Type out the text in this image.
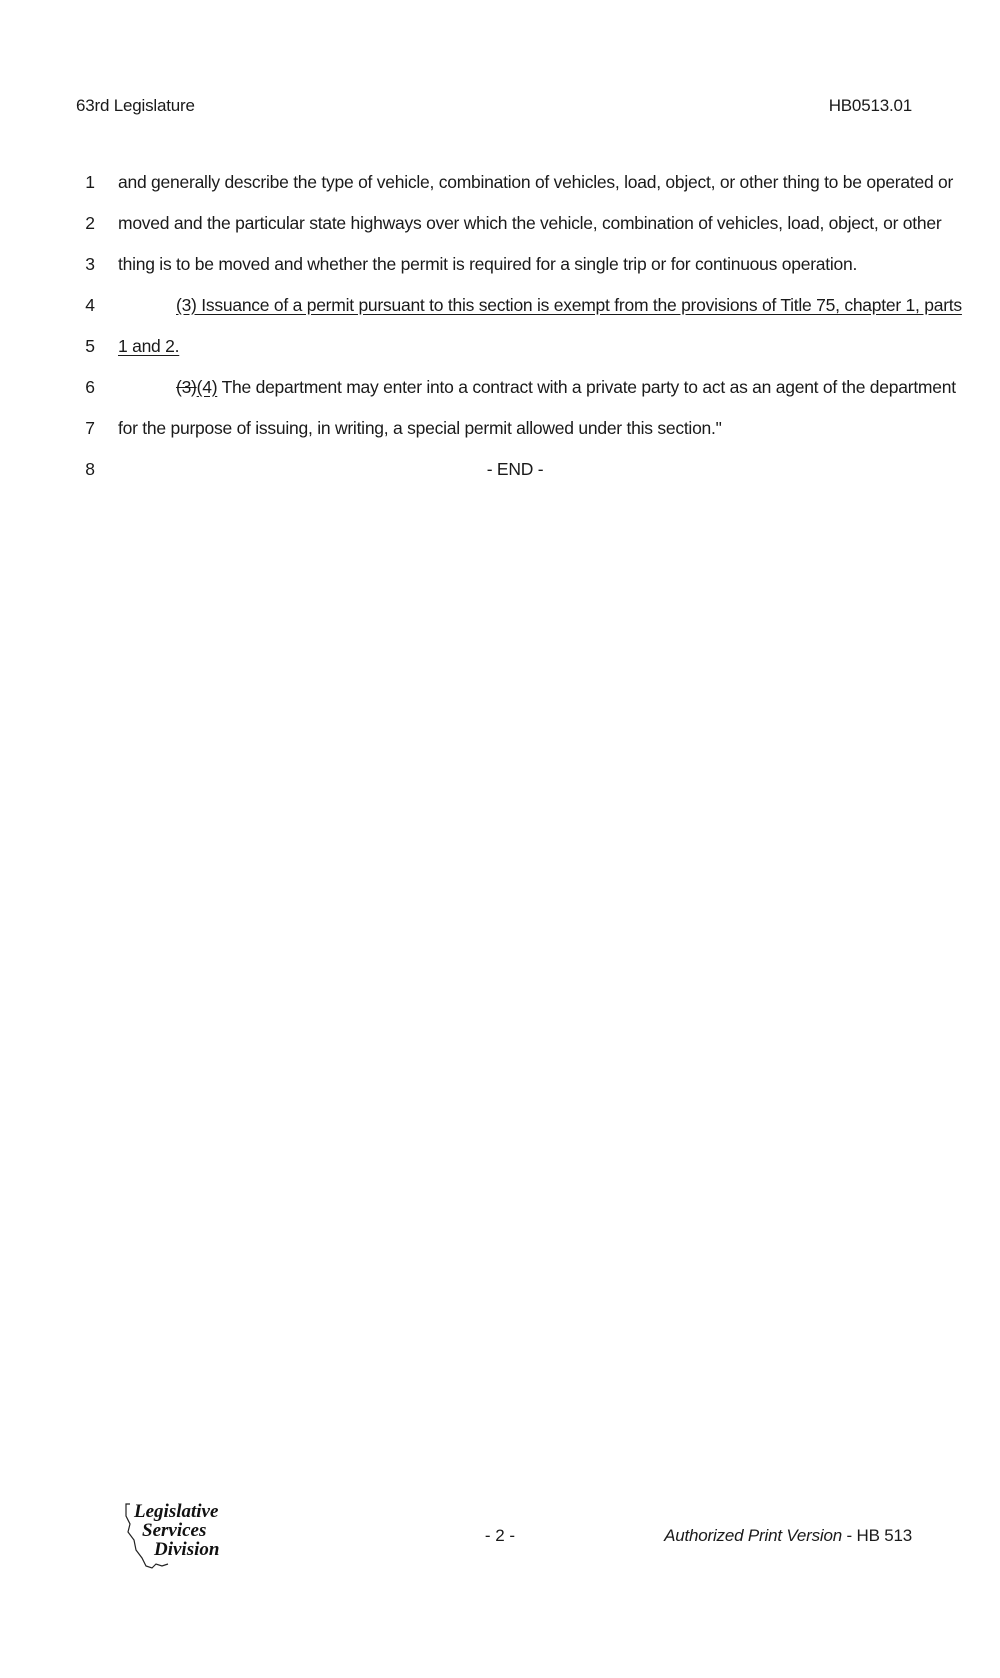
63rd Legislature	HB0513.01
1 and generally describe the type of vehicle, combination of vehicles, load, object, or other thing to be operated or
2 moved and the particular state highways over which the vehicle, combination of vehicles, load, object, or other
3 thing is to be moved and whether the permit is required for a single trip or for continuous operation.
4	(3) Issuance of a permit pursuant to this section is exempt from the provisions of Title 75, chapter 1, parts
5 1 and 2.
6	(3)(4) The department may enter into a contract with a private party to act as an agent of the department
7 for the purpose of issuing, in writing, a special permit allowed under this section."
8	- END -
Legislative
Services
Division
- 2 -	Authorized Print Version - HB 513
